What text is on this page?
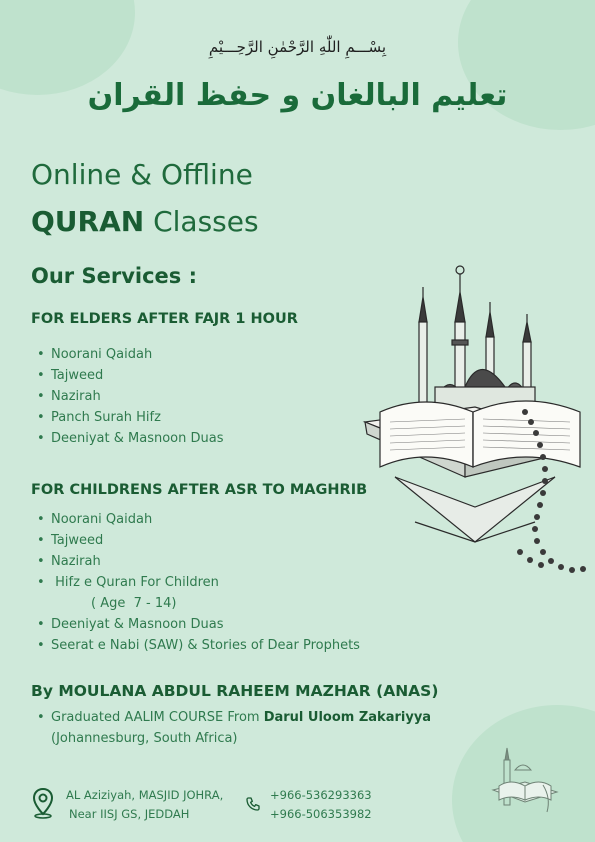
بِسْـــمِ اللّٰهِ الرَّحْمٰنِ الرَّحِـــيْمِ
تعلیم البالغان و حفظ القران
Online & Offline
QURAN Classes
Our Services :
FOR ELDERS AFTER FAJR 1 HOUR
• Noorani Qaidah
• Tajweed
• Nazirah
• Panch Surah Hifz
• Deeniyat & Masnoon Duas
FOR CHILDRENS AFTER ASR TO MAGHRIB
• Noorani Qaidah
• Tajweed
• Nazirah
• Hifz e Quran For Children
( Age  7 - 14)
• Deeniyat & Masnoon Duas
• Seerat e Nabi (SAW) & Stories of Dear Prophets
By MOULANA ABDUL RAHEEM MAZHAR (ANAS)
• Graduated AALIM COURSE From Darul Uloom Zakariyya
(Johannesburg, South Africa)
AL Aziziyah, MASJID JOHRA,
Near IISJ GS, JEDDAH
+966-536293363
+966-506353982
